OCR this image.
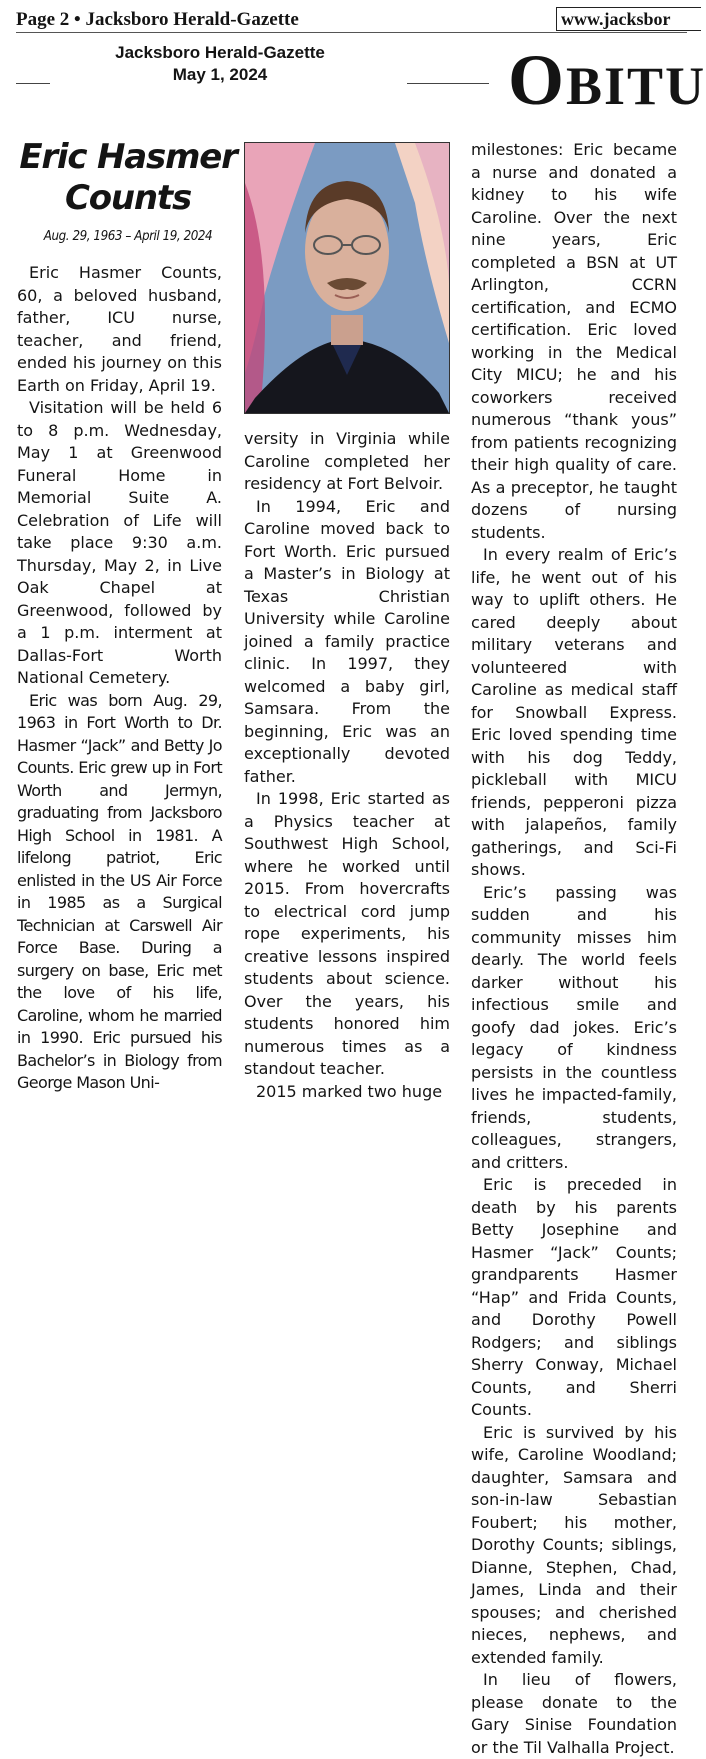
Page 2 • Jacksboro Herald-Gazette	www.jacksbor
Jacksboro Herald-Gazette
May 1, 2024	OBITU
Eric Hasmer
Counts
Aug. 29, 1963 – April 19, 2024

Eric Hasmer Counts, 60, a beloved husband, father, ICU nurse, teacher, and friend, ended his journey on this Earth on Friday, April 19.

Visitation will be held 6 to 8 p.m. Wednesday, May 1 at Greenwood Funeral Home in Memorial Suite A. Celebration of Life will take place 9:30 a.m. Thursday, May 2, in Live Oak Chapel at Greenwood, followed by a 1 p.m. interment at Dallas-Fort Worth National Cemetery.

Eric was born Aug. 29, 1963 in Fort Worth to Dr. Hasmer “Jack” and Betty Jo Counts. Eric grew up in Fort Worth and Jermyn, graduating from Jacksboro High School in 1981. A lifelong patriot, Eric enlisted in the US Air Force in 1985 as a Surgical Technician at Carswell Air Force Base. During a surgery on base, Eric met the love of his life, Caroline, whom he married in 1990. Eric pursued his Bachelor’s in Biology from George Mason Uni-

versity in Virginia while Caroline completed her residency at Fort Belvoir.

In 1994, Eric and Caroline moved back to Fort Worth. Eric pursued a Master’s in Biology at Texas Christian University while Caroline joined a family practice clinic. In 1997, they welcomed a baby girl, Samsara. From the beginning, Eric was an exceptionally devoted father.

In 1998, Eric started as a Physics teacher at Southwest High School, where he worked until 2015. From hovercrafts to electrical cord jump rope experiments, his creative lessons inspired students about science. Over the years, his students honored him numerous times as a standout teacher.

2015 marked two huge

milestones: Eric became a nurse and donated a kidney to his wife Caroline. Over the next nine years, Eric completed a BSN at UT Arlington, CCRN certification, and ECMO certification. Eric loved working in the Medical City MICU; he and his coworkers received numerous “thank yous” from patients recognizing their high quality of care. As a preceptor, he taught dozens of nursing students.

In every realm of Eric’s life, he went out of his way to uplift others. He cared deeply about military veterans and volunteered with Caroline as medical staff for Snowball Express. Eric loved spending time with his dog Teddy, pickleball with MICU friends, pepperoni pizza with jalapeños, family gatherings, and Sci-Fi shows.

Eric’s passing was sudden and his community misses him dearly. The world feels darker without his infectious smile and goofy dad jokes. Eric’s legacy of kindness persists in the countless lives he impacted-family, friends, students, colleagues, strangers, and critters.

Eric is preceded in death by his parents Betty Josephine and Hasmer “Jack” Counts; grandparents Hasmer “Hap” and Frida Counts, and Dorothy Powell Rodgers; and siblings Sherry Conway, Michael Counts, and Sherri Counts.

Eric is survived by his wife, Caroline Woodland; daughter, Samsara and son-in-law Sebastian Foubert; his mother, Dorothy Counts; siblings, Dianne, Stephen, Chad, James, Linda and their spouses; and cherished nieces, nephews, and extended family.

In lieu of flowers, please donate to the Gary Sinise Foundation or the Til Valhalla Project.
